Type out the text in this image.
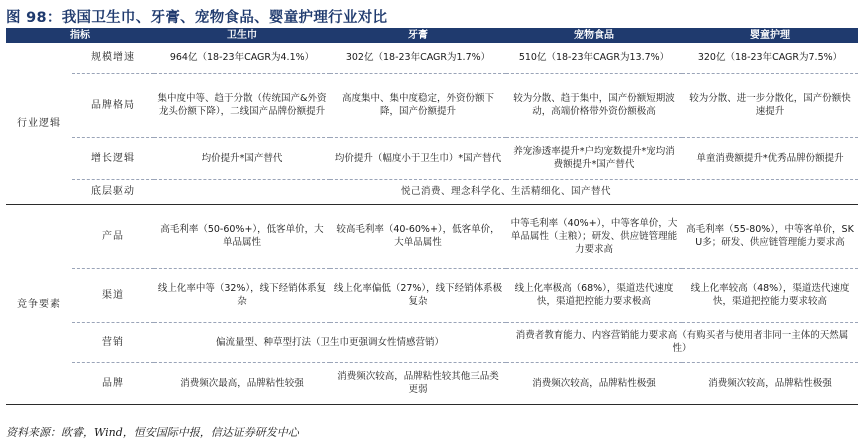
图 98：我国卫生巾、牙膏、宠物食品、婴童护理行业对比
指标		卫生巾	牙膏	宠物食品	婴童护理
行业逻辑	规模增速	964亿（18-23年CAGR为4.1%）	302亿（18-23年CAGR为1.7%）	510亿（18-23年CAGR为13.7%）	320亿（18-23年CAGR为7.5%）
	品牌格局	集中度中等、趋于分散（传统国产&外资龙头份额下降），二线国产品牌份额提升	高度集中、集中度稳定，外资份额下降，国产份额提升	较为分散、趋于集中，国产份额短期波动，高端价格带外资份额极高	较为分散、进一步分散化，国产份额快速提升
	增长逻辑	均价提升*国产替代	均价提升（幅度小于卫生巾）*国产替代	养宠渗透率提升*户均宠数提升*宠均消费额提升*国产替代	单童消费额提升*优秀品牌份额提升
	底层驱动	悦己消费、理念科学化、生活精细化、国产替代			
竞争要素	产品	高毛利率（50-60%+），低客单价，大单品属性	较高毛利率（40-60%+），低客单价，大单品属性	中等毛利率（40%+），中等客单价，大单品属性（主粮）；研发、供应链管理能力要求高	高毛利率（55-80%），中等客单价，SKU多；研发、供应链管理能力要求高
	渠道	线上化率中等（32%），线下经销体系复杂	线上化率偏低（27%），线下经销体系极复杂	线上化率极高（68%），渠道迭代速度快，渠道把控能力要求极高	线上化率较高（48%），渠道迭代速度快，渠道把控能力要求较高
	营销	偏流量型、种草型打法（卫生巾更强调女性情感营销）		消费者教育能力、内容营销能力要求高（有购买者与使用者非同一主体的天然属性）	
	品牌	消费频次最高，品牌粘性较强	消费频次较高，品牌粘性较其他三品类更弱	消费频次较高，品牌粘性极强	消费频次较高，品牌粘性极强
资料来源：欧睿，Wind，恒安国际中报，信达证券研发中心
